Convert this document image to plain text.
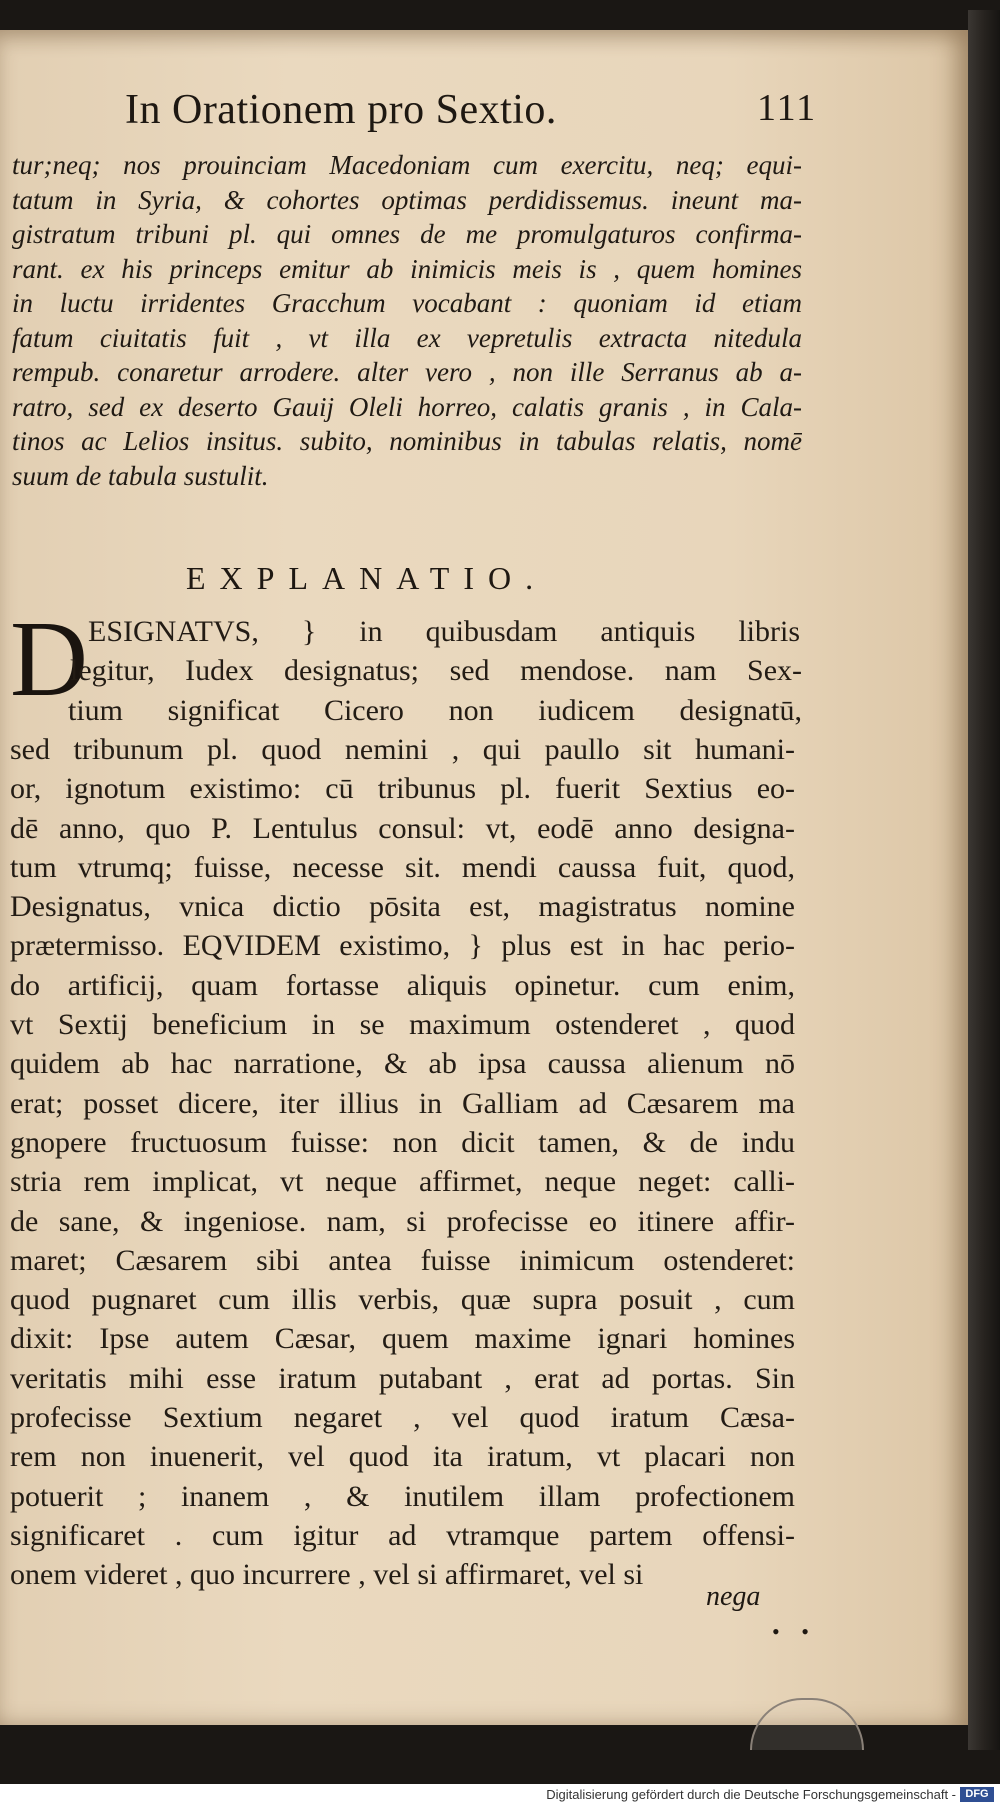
In Orationem pro Sextio.	111

tur;neq; nos prouinciam Macedoniam cum exercitu, neq; equi-

tatum in Syria, & cohortes optimas perdidissemus. ineunt ma-

gistratum tribuni pl. qui omnes de me promulgaturos confirma-

rant. ex his princeps emitur ab inimicis meis is , quem homines

in luctu irridentes Gracchum vocabant : quoniam id etiam

fatum ciuitatis fuit , vt illa ex vepretulis extracta nitedula

rempub. conaretur arrodere. alter vero , non ille Serranus ab a-

ratro, sed ex deserto Gauij Oleli horreo, calatis granis , in Cala-

tinos ac Lelios insitus. subito, nominibus in tabulas relatis, nomē

suum de tabula sustulit.

EXPLANATIO.
D ESIGNATVS, } in quibusdam antiquis libris
legitur, Iudex designatus; sed mendose. nam Sex-
tium significat Cicero non iudicem designatū,
sed tribunum pl. quod nemini , qui paullo sit humani-
or, ignotum existimo: cū tribunus pl. fuerit Sextius eo-
dē anno, quo P. Lentulus consul: vt, eodē anno designa-
tum vtrumq; fuisse, necesse sit. mendi caussa fuit, quod,
Designatus, vnica dictio pōsita est, magistratus nomine
prætermisso. EQVIDEM existimo, } plus est in hac perio-
do artificij, quam fortasse aliquis opinetur. cum enim,
vt Sextij beneficium in se maximum ostenderet , quod
quidem ab hac narratione, & ab ipsa caussa alienum nō
erat; posset dicere, iter illius in Galliam ad Cæsarem ma
gnopere fructuosum fuisse: non dicit tamen, & de indu
stria rem implicat, vt neque affirmet, neque neget: calli-
de sane, & ingeniose. nam, si profecisse eo itinere affir-
maret; Cæsarem sibi antea fuisse inimicum ostenderet:
quod pugnaret cum illis verbis, quæ supra posuit , cum
dixit: Ipse autem Cæsar, quem maxime ignari homines
veritatis mihi esse iratum putabant , erat ad portas. Sin
profecisse Sextium negaret , vel quod iratum Cæsa-
rem non inuenerit, vel quod ita iratum, vt placari non
potuerit ; inanem , & inutilem illam profectionem
significaret . cum igitur ad vtramque partem offensi-
onem videret , quo incurrere , vel si affirmaret, vel si
nega
• •
Digitalisierung gefördert durch die Deutsche Forschungsgemeinschaft - DFG
